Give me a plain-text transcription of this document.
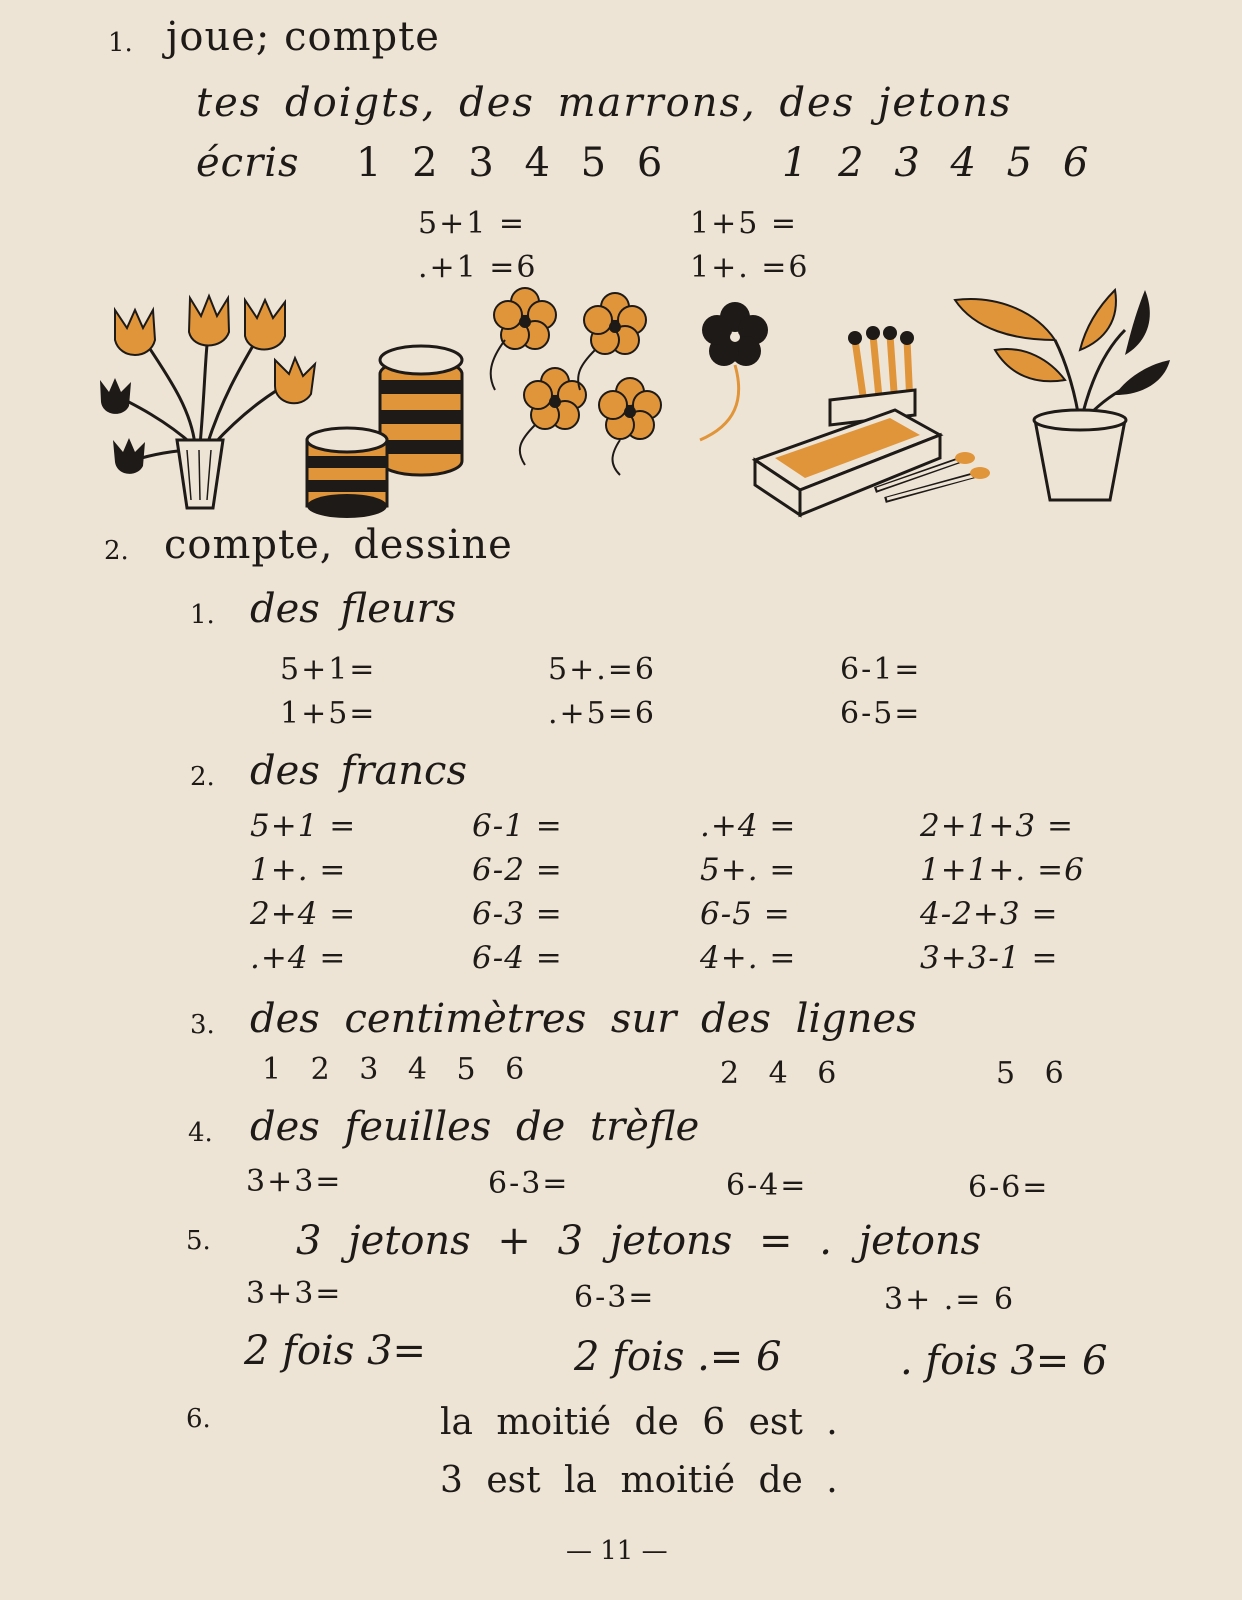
1. joue; compte
tes doigts, des marrons, des jetons
écris 1 2 3 4 5 6	1 2 3 4 5 6
5+1 =	1+5 =
.+1 =6	1+. =6
2. compte, dessine
1. des fleurs
5+1=	5+.=6	6-1=
1+5=	.+5=6	6-5=
2. des francs
5+1 =	6-1 =	.+4 =	2+1+3 =
1+. =	6-2 =	5+. =	1+1+. =6
2+4 =	6-3 =	6-5 =	4-2+3 =
.+4 =	6-4 =	4+. =	3+3-1 =
3. des centimètres sur des lignes
1 2 3 4 5 6	2 4 6	5 6
4. des feuilles de trèfle
3+3=	6-3=	6-4=	6-6=
5. 3 jetons + 3 jetons = . jetons
3+3=	6-3=	3+ .= 6
2 fois 3=	2 fois .= 6	. fois 3= 6
6.	la moitié de 6 est .
3 est la moitié de .
— 11 —
